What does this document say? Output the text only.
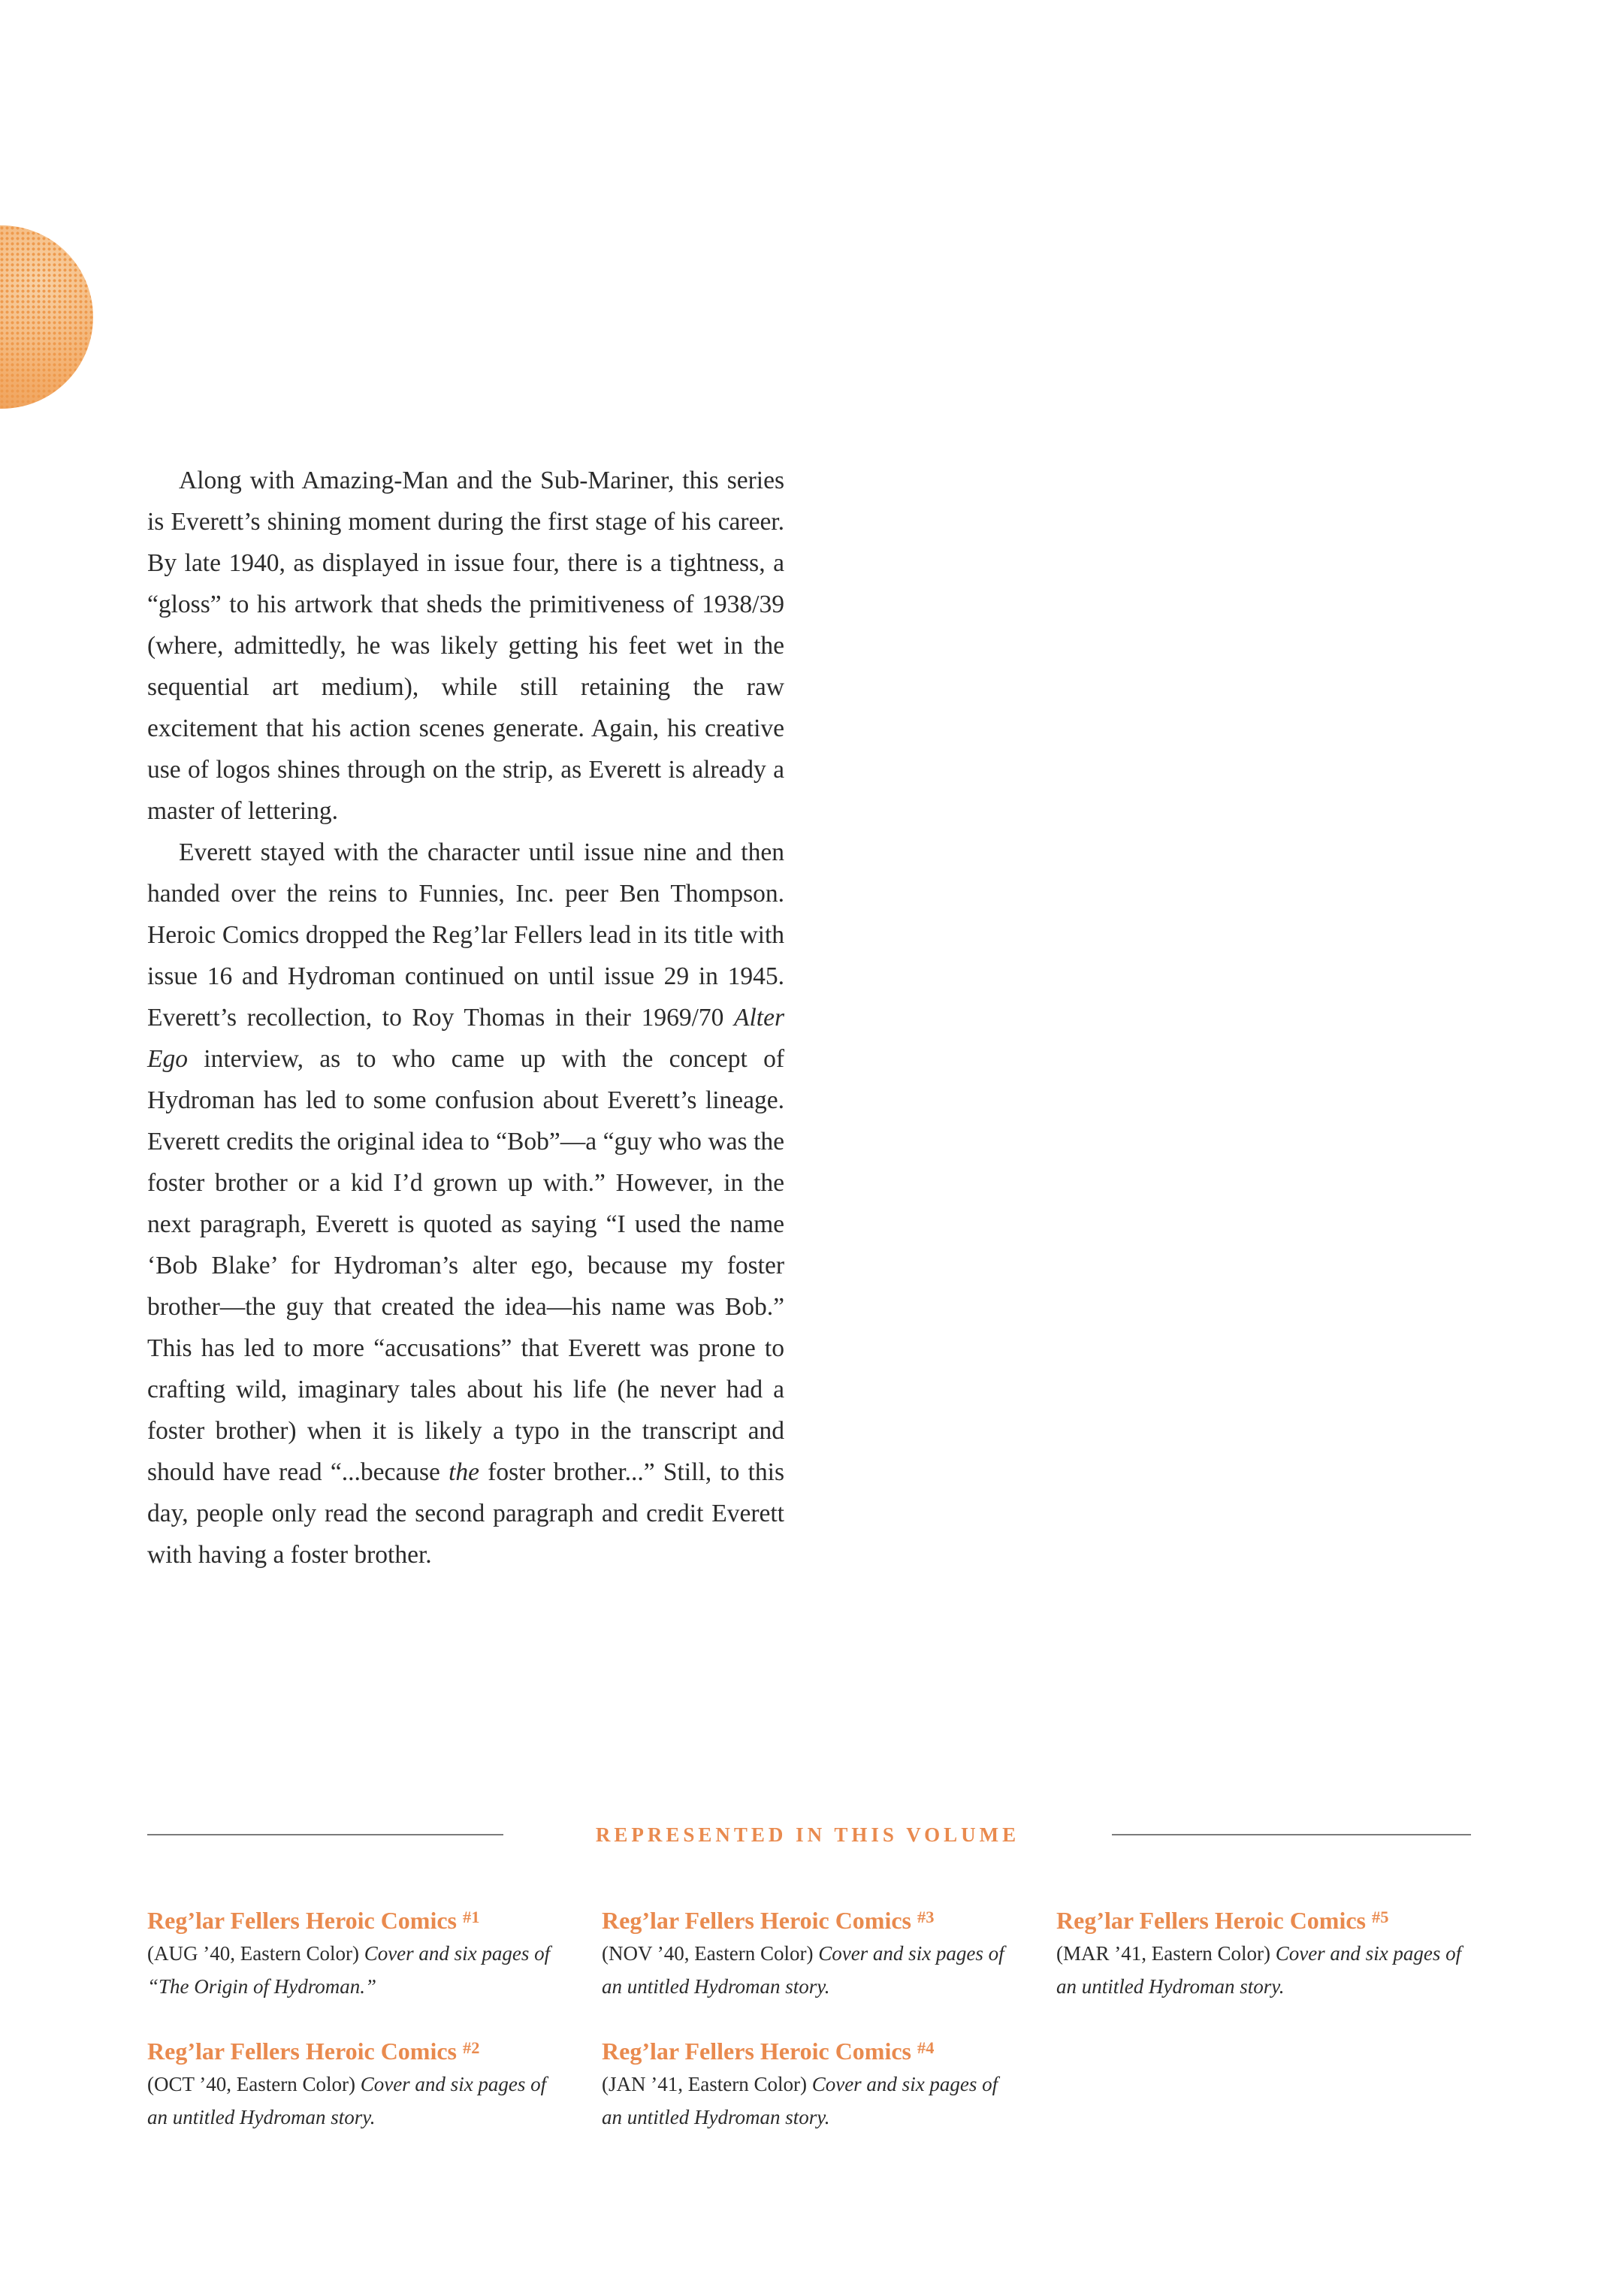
Along with Amazing-Man and the Sub-Mariner, this series is Everett’s shining moment during the first stage of his career. By late 1940, as displayed in issue four, there is a tightness, a “gloss” to his artwork that sheds the primitiveness of 1938/39 (where, admittedly, he was likely getting his feet wet in the sequential art medium), while still retaining the raw excitement that his action scenes generate. Again, his creative use of logos shines through on the strip, as Everett is already a master of lettering.

Everett stayed with the character until issue nine and then handed over the reins to Funnies, Inc. peer Ben Thompson. Heroic Comics dropped the Reg’lar Fellers lead in its title with issue 16 and Hydroman continued on until issue 29 in 1945. Everett’s recollection, to Roy Thomas in their 1969/70 Alter Ego interview, as to who came up with the concept of Hydroman has led to some confusion about Everett’s lineage. Everett credits the original idea to “Bob”—a “guy who was the foster brother or a kid I’d grown up with.” However, in the next paragraph, Everett is quoted as saying “I used the name ‘Bob Blake’ for Hydroman’s alter ego, because my foster brother—the guy that created the idea—his name was Bob.” This has led to more “accusations” that Everett was prone to crafting wild, imaginary tales about his life (he never had a foster brother) when it is likely a typo in the transcript and should have read “...because the foster brother...” Still, to this day, people only read the second paragraph and credit Everett with having a foster brother.

REPRESENTED IN THIS VOLUME
Reg’lar Fellers Heroic Comics $^{\#1}$
(AUG ’40, Eastern Color) Cover and six pages of “The Origin of Hydroman.”
Reg’lar Fellers Heroic Comics $^{\#2}$
(OCT ’40, Eastern Color) Cover and six pages of an untitled Hydroman story.
Reg’lar Fellers Heroic Comics $^{\#3}$
(NOV ’40, Eastern Color) Cover and six pages of an untitled Hydroman story.
Reg’lar Fellers Heroic Comics $^{\#4}$
(JAN ’41, Eastern Color) Cover and six pages of an untitled Hydroman story.
Reg’lar Fellers Heroic Comics $^{\#5}$
(MAR ’41, Eastern Color) Cover and six pages of an untitled Hydroman story.
